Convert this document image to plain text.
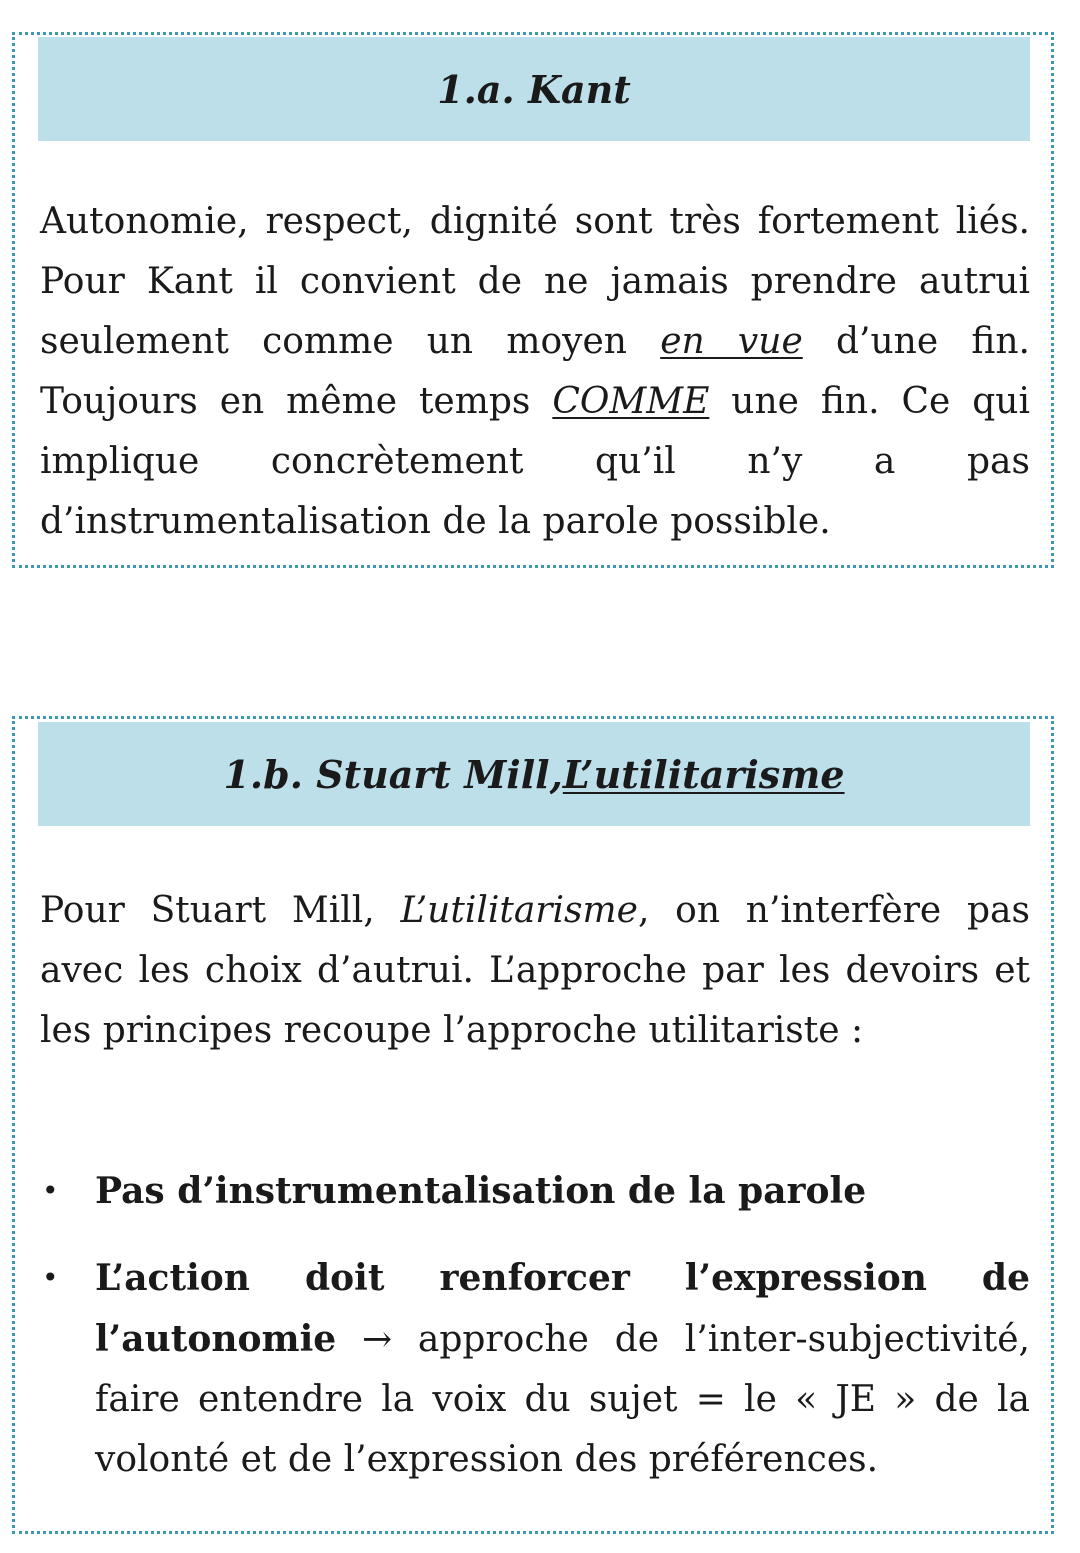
1.a. Kant

Autonomie, respect, dignité sont très fortement liés. Pour Kant il convient de ne jamais prendre autrui seulement comme un moyen en vue d’une fin. Toujours en même temps COMME une fin. Ce qui implique concrètement qu’il n’y a pas d’instrumentalisation de la parole possible.

1.b. Stuart Mill, L’utilitarisme

Pour Stuart Mill, L’utilitarisme, on n’interfère pas avec les choix d’autrui. L’approche par les devoirs et les principes recoupe l’approche utilitariste :

• Pas d’instrumentalisation de la parole
• L’action doit renforcer l’expression de l’autonomie → approche de l’inter-subjectivité, faire entendre la voix du sujet = le « JE » de la volonté et de l’expression des préférences.
